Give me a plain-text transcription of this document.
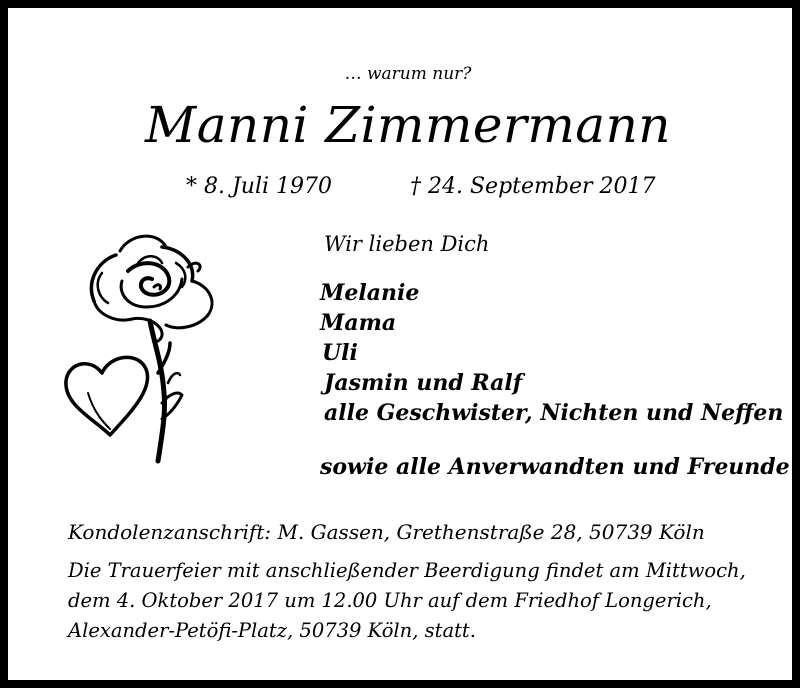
… warum nur?
Manni Zimmermann
* 8. Juli 1970	† 24. September 2017
Wir lieben Dich
Melanie
Mama
Uli
Jasmin und Ralf
alle Geschwister, Nichten und Neffen
sowie alle Anverwandten und Freunde
Kondolenzanschrift: M. Gassen, Grethenstraße 28, 50739 Köln
Die Trauerfeier mit anschließender Beerdigung findet am Mittwoch,
dem 4. Oktober 2017 um 12.00 Uhr auf dem Friedhof Longerich,
Alexander-Petöfi-Platz, 50739 Köln, statt.
